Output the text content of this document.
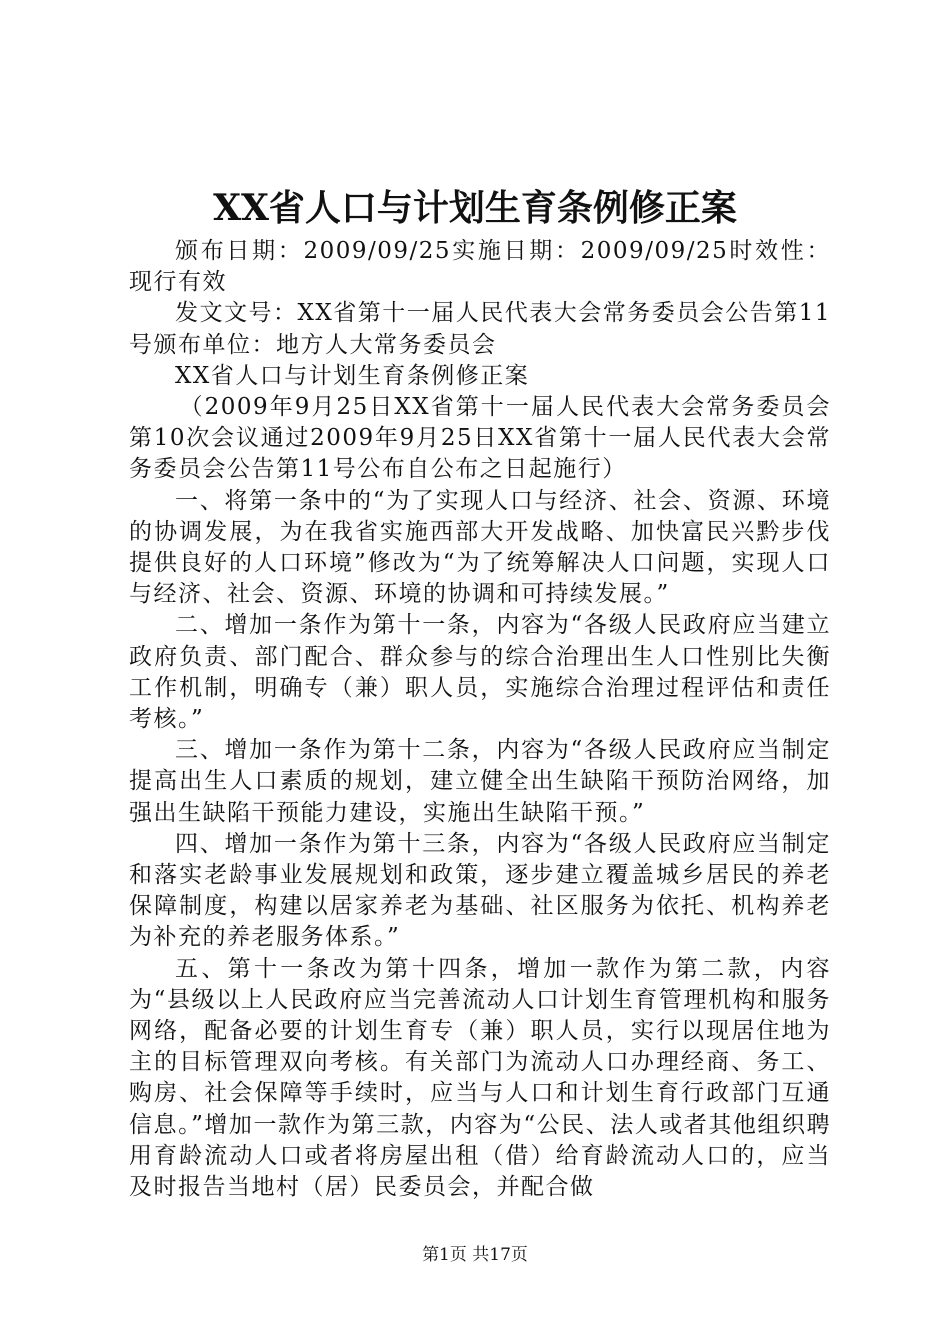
XX省人口与计划生育条例修正案

颁布日期：2009/09/25实施日期：2009/09/25时效性：现行有效

发文文号：XX省第十一届人民代表大会常务委员会公告第11号颁布单位：地方人大常务委员会

XX省人口与计划生育条例修正案

（2009年9月25日XX省第十一届人民代表大会常务委员会第10次会议通过2009年9月25日XX省第十一届人民代表大会常务委员会公告第11号公布自公布之日起施行）

一、将第一条中的“为了实现人口与经济、社会、资源、环境的协调发展，为在我省实施西部大开发战略、加快富民兴黔步伐提供良好的人口环境”修改为“为了统筹解决人口问题，实现人口与经济、社会、资源、环境的协调和可持续发展。”

二、增加一条作为第十一条，内容为“各级人民政府应当建立政府负责、部门配合、群众参与的综合治理出生人口性别比失衡工作机制，明确专（兼）职人员，实施综合治理过程评估和责任考核。”

三、增加一条作为第十二条，内容为“各级人民政府应当制定提高出生人口素质的规划，建立健全出生缺陷干预防治网络，加强出生缺陷干预能力建设，实施出生缺陷干预。”

四、增加一条作为第十三条，内容为“各级人民政府应当制定和落实老龄事业发展规划和政策，逐步建立覆盖城乡居民的养老保障制度，构建以居家养老为基础、社区服务为依托、机构养老为补充的养老服务体系。”

五、第十一条改为第十四条，增加一款作为第二款，内容为“县级以上人民政府应当完善流动人口计划生育管理机构和服务网络，配备必要的计划生育专（兼）职人员，实行以现居住地为主的目标管理双向考核。有关部门为流动人口办理经商、务工、购房、社会保障等手续时，应当与人口和计划生育行政部门互通信息。”增加一款作为第三款，内容为“公民、法人或者其他组织聘用育龄流动人口或者将房屋出租（借）给育龄流动人口的，应当及时报告当地村（居）民委员会，并配合做

第1页 共17页
